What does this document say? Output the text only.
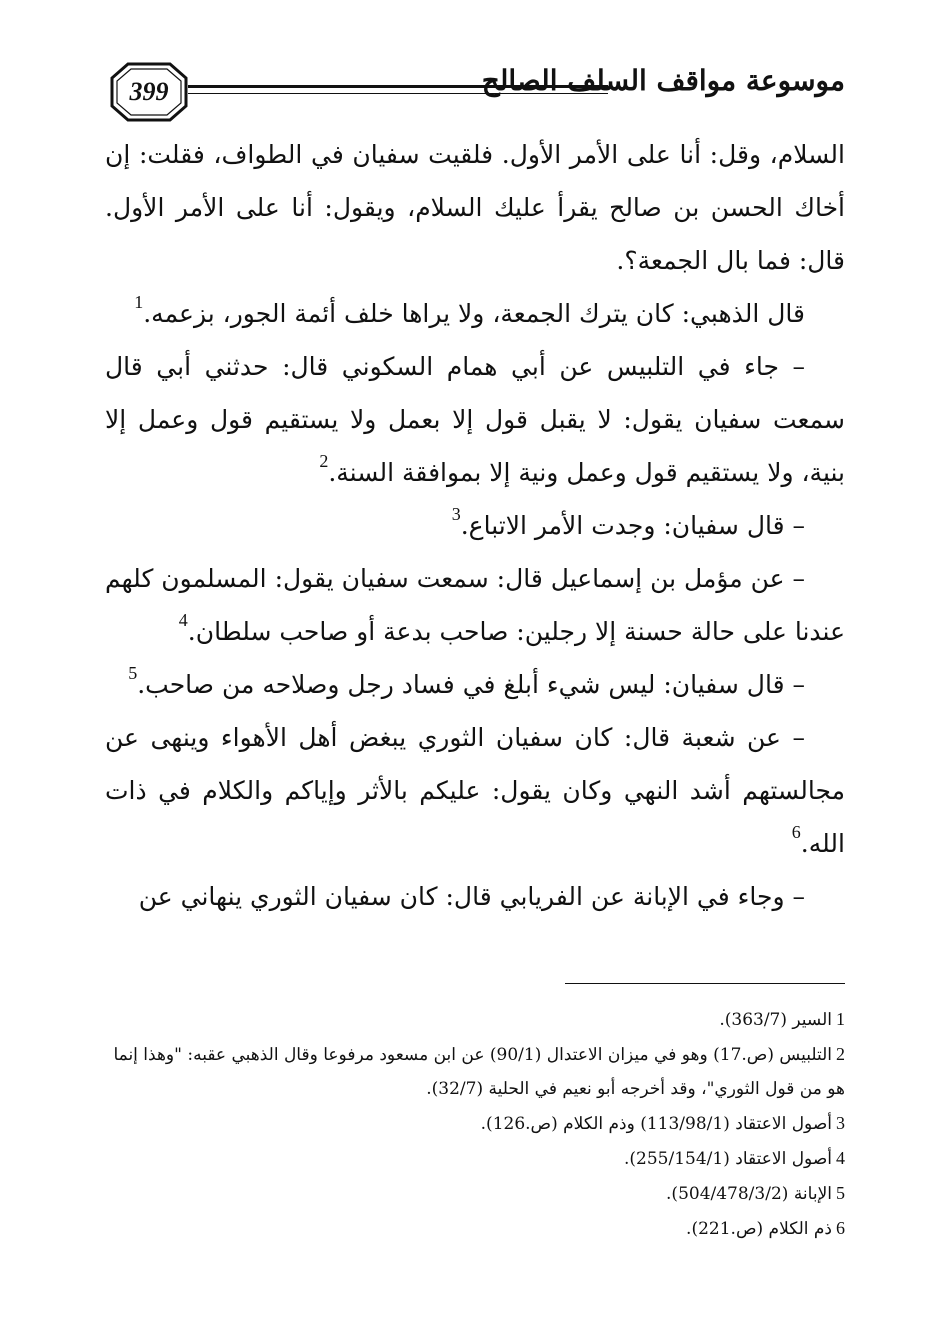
399	موسوعة مواقف السلف الصالح

السلام، وقل: أنا على الأمر الأول. فلقيت سفيان في الطواف، فقلت: إن أخاك الحسن بن صالح يقرأ عليك السلام، ويقول: أنا على الأمر الأول. قال: فما بال الجمعة؟.

قال الذهبي: كان يترك الجمعة، ولا يراها خلف أئمة الجور، بزعمه.$^1$

– جاء في التلبيس عن أبي همام السكوني قال: حدثني أبي قال سمعت سفيان يقول: لا يقبل قول إلا بعمل ولا يستقيم قول وعمل إلا بنية، ولا يستقيم قول وعمل ونية إلا بموافقة السنة.$^2$

– قال سفيان: وجدت الأمر الاتباع.$^3$

– عن مؤمل بن إسماعيل قال: سمعت سفيان يقول: المسلمون كلهم عندنا على حالة حسنة إلا رجلين: صاحب بدعة أو صاحب سلطان.$^4$

– قال سفيان: ليس شيء أبلغ في فساد رجل وصلاحه من صاحب.$^5$

– عن شعبة قال: كان سفيان الثوري يبغض أهل الأهواء وينهى عن مجالستهم أشد النهي وكان يقول: عليكم بالأثر وإياكم والكلام في ذات الله.$^6$

– وجاء في الإبانة عن الفريابي قال: كان سفيان الثوري ينهاني عن

1السير (363/7).

2التلبيس (ص.17) وهو في ميزان الاعتدال (90/1) عن ابن مسعود مرفوعا وقال الذهبي عقبه: "وهذا إنما هو من قول الثوري"، وقد أخرجه أبو نعيم في الحلية (32/7).

3أصول الاعتقاد (113/98/1) وذم الكلام (ص.126).

4أصول الاعتقاد (255/154/1).

5الإبانة (504/478/3/2).

6ذم الكلام (ص.221).
